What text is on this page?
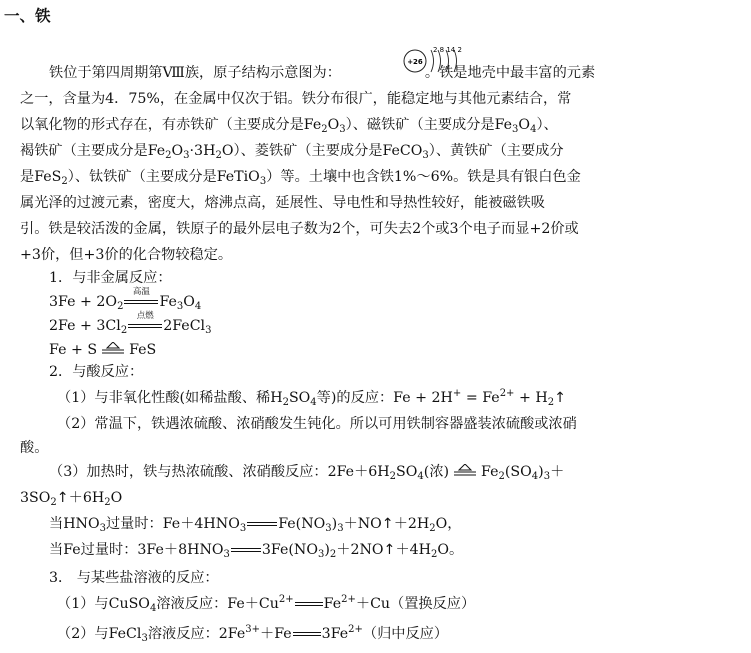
一、铁
+26
2 8 14 2
铁位于第四周期第Ⅷ族，原子结构示意图为：	。铁是地壳中最丰富的元素
之一，含量为4．75%，在金属中仅次于铝。铁分布很广，能稳定地与其他元素结合，常
以氧化物的形式存在，有赤铁矿（主要成分是$Fe_2O_3$）、磁铁矿（主要成分是$Fe_3O_4$）、
褐铁矿（主要成分是$Fe_2O_3\cdot 3H_2O$）、菱铁矿（主要成分是FeCO$_3$）、黄铁矿（主要成分
是FeS$_2$）、钛铁矿（主要成分是FeTiO$_3$）等。土壤中也含铁1%～6%。铁是具有银白色金
属光泽的过渡元素，密度大，熔沸点高，延展性、导电性和导热性较好，能被磁铁吸
引。铁是较活泼的金属，铁原子的最外层电子数为2个，可失去2个或3个电子而显+2价或
+3价，但+3价的化合物较稳定。
1．与非金属反应：
$3Fe + 2O_2$
高温
$Fe_3O_4$
$2Fe + 3Cl_2$
点燃
2FeCl$_3$
Fe + S FeS
2．与酸反应：
（1）与非氧化性酸(如稀盐酸、稀$H_2SO_4$等)的反应：$Fe + 2H^+ = Fe^{2+}$ + $H_2↑$
（2）常温下，铁遇浓硫酸、浓硝酸发生钝化。所以可用铁制容器盛装浓硫酸或浓硝
酸。
（3）加热时，铁与热浓硫酸、浓硝酸反应：$2Fe+6H_2SO_4$(浓) $Fe_2(SO_4)_3+$
$3SO_2↑+6H_2O$
当$HNO_3$过量时：$Fe+4HNO_3$ $Fe(NO_3)_3+NO↑+2H_2O$，
当Fe过量时：$3Fe+8HNO_3$ $3Fe(NO_3)_2+2NO↑+4H_2O$。
3． 与某些盐溶液的反应：
（1）与CuSO$_4$溶液反应：$Fe+Cu^{2+}$ $Fe^{2+}+Cu$（置换反应）
（2）与FeCl$_3$溶液反应：$2Fe^{3+}+Fe$ $3Fe^{2+}$（归中反应）
